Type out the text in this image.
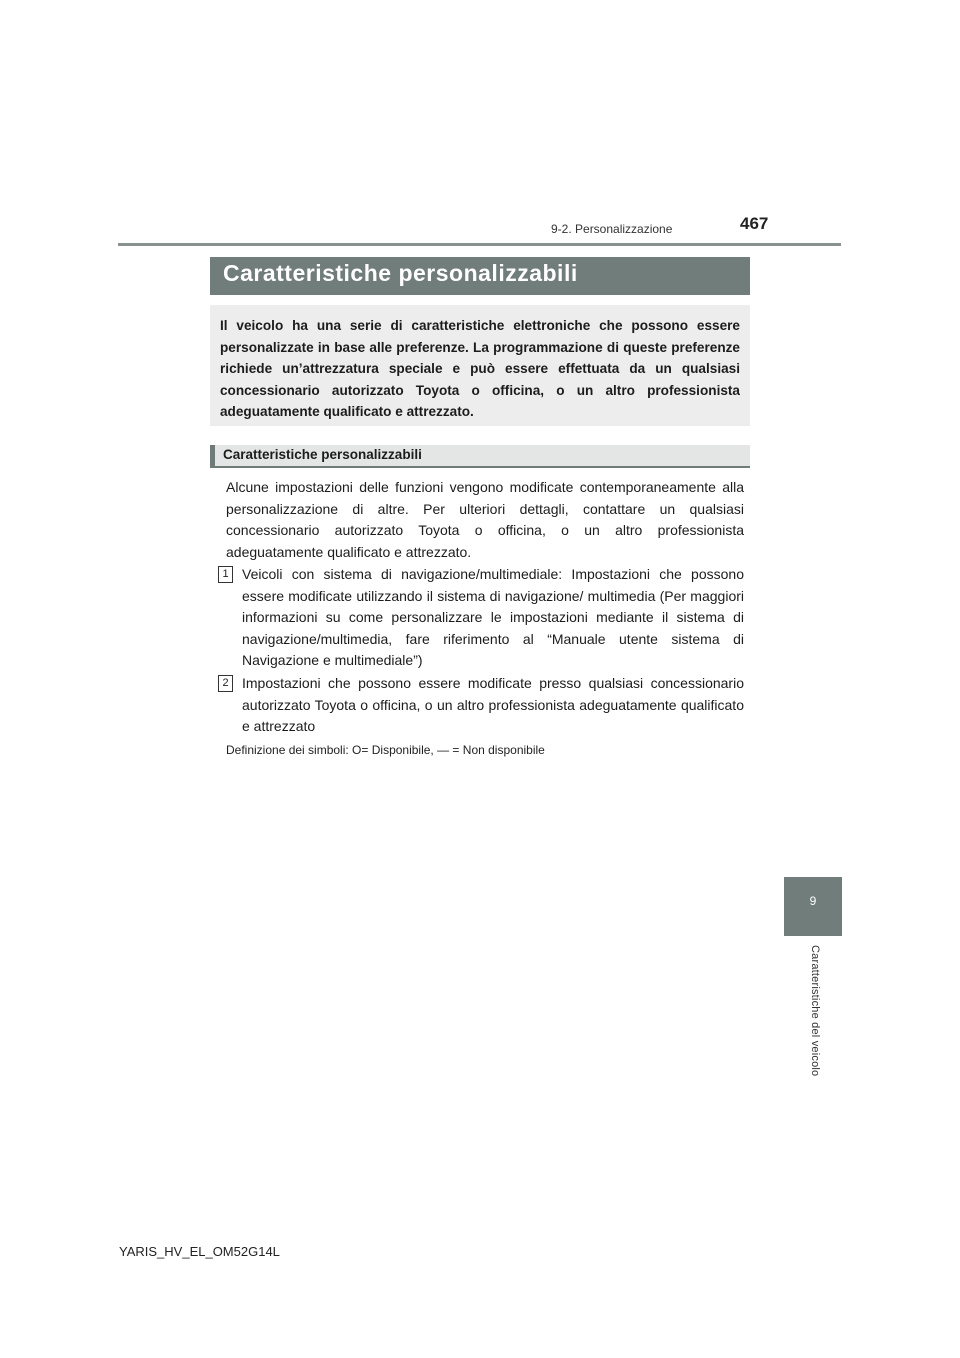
9-2. Personalizzazione	467
Caratteristiche personalizzabili
Il veicolo ha una serie di caratteristiche elettroniche che possono essere personalizzate in base alle preferenze. La programmazione di queste preferenze richiede un’attrezzatura speciale e può essere effettuata da un qualsiasi concessionario autorizzato Toyota o officina, o un altro professionista adeguatamente qualificato e attrezzato.
Caratteristiche personalizzabili
Alcune impostazioni delle funzioni vengono modificate contemporaneamente alla personalizzazione di altre. Per ulteriori dettagli, contattare un qualsiasi concessionario autorizzato Toyota o officina, o un altro professionista adeguatamente qualificato e attrezzato.
1 Veicoli con sistema di navigazione/multimediale: Impostazioni che possono essere modificate utilizzando il sistema di navigazione/ multimedia (Per maggiori informazioni su come personalizzare le impostazioni mediante il sistema di navigazione/multimedia, fare riferimento al “Manuale utente sistema di Navigazione e multimediale”)
2 Impostazioni che possono essere modificate presso qualsiasi concessionario autorizzato Toyota o officina, o un altro professionista adeguatamente qualificato e attrezzato
Definizione dei simboli: O= Disponibile, — = Non disponibile
9
Caratteristiche del veicolo
YARIS_HV_EL_OM52G14L
